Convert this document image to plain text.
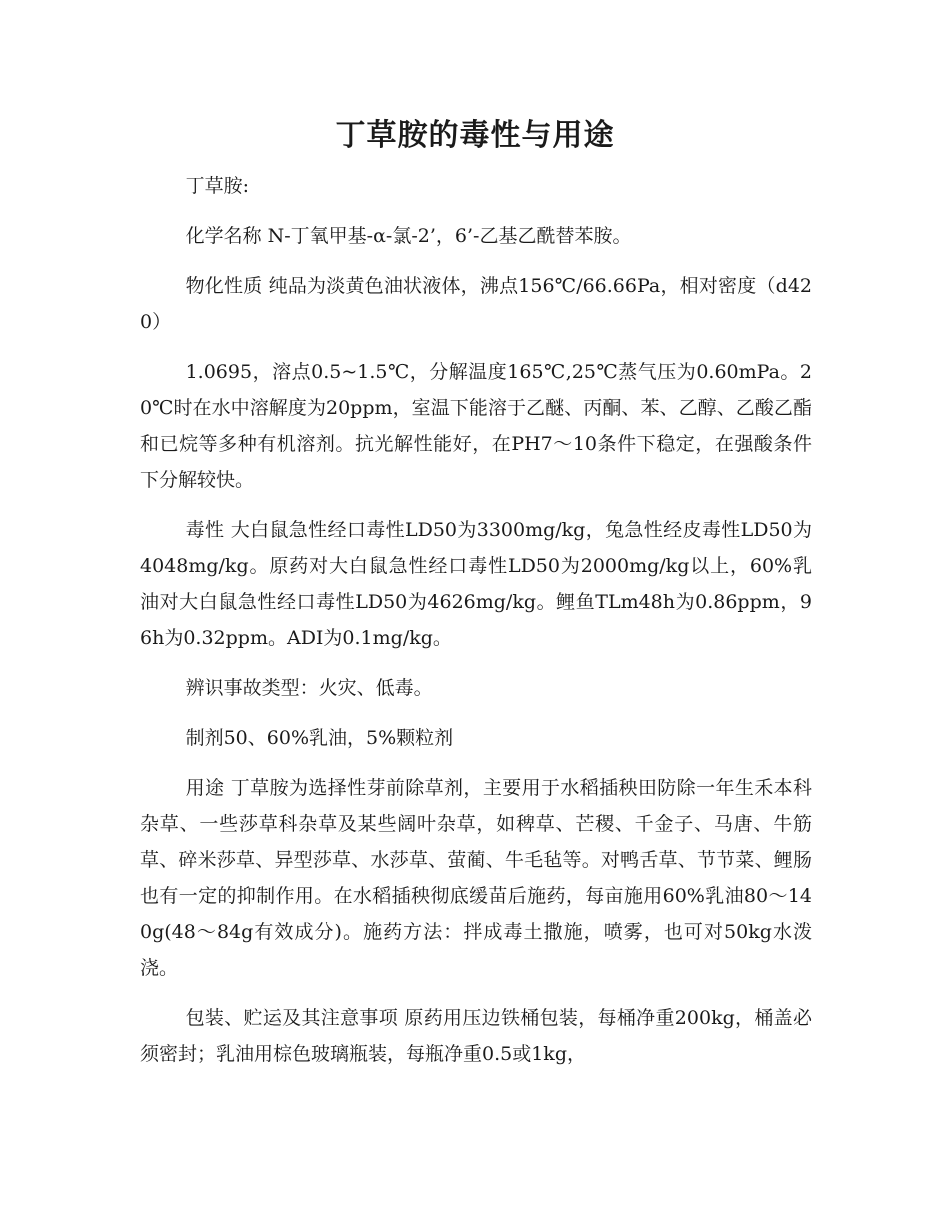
丁草胺的毒性与用途

丁草胺:

化学名称 N-丁氧甲基-α-氯-2’，6’-乙基乙酰替苯胺。

物化性质 纯品为淡黄色油状液体，沸点156℃/66.66Pa，相对密度（d420）

1.0695，溶点0.5~1.5℃，分解温度165℃,25℃蒸气压为0.60mPa。20℃时在水中溶解度为20ppm，室温下能溶于乙醚、丙酮、苯、乙醇、乙酸乙酯和已烷等多种有机溶剂。抗光解性能好，在PH7～10条件下稳定，在强酸条件下分解较快。

毒性 大白鼠急性经口毒性LD50为3300mg/kg，兔急性经皮毒性LD50为4048mg/kg。原药对大白鼠急性经口毒性LD50为2000mg/kg以上，60%乳油对大白鼠急性经口毒性LD50为4626mg/kg。鲤鱼TLm48h为0.86ppm，96h为0.32ppm。ADI为0.1mg/kg。

辨识事故类型：火灾、低毒。

制剂50、60%乳油，5%颗粒剂

用途 丁草胺为选择性芽前除草剂，主要用于水稻插秧田防除一年生禾本科杂草、一些莎草科杂草及某些阔叶杂草，如稗草、芒稷、千金子、马唐、牛筋草、碎米莎草、异型莎草、水莎草、萤蔺、牛毛毡等。对鸭舌草、节节菜、鲤肠也有一定的抑制作用。在水稻插秧彻底缓苗后施药，每亩施用60%乳油80～140g(48～84g有效成分)。施药方法：拌成毒土撒施，喷雾，也可对50kg水泼浇。

包装、贮运及其注意事项 原药用压边铁桶包装，每桶净重200kg，桶盖必须密封；乳油用棕色玻璃瓶装，每瓶净重0.5或1kg，
